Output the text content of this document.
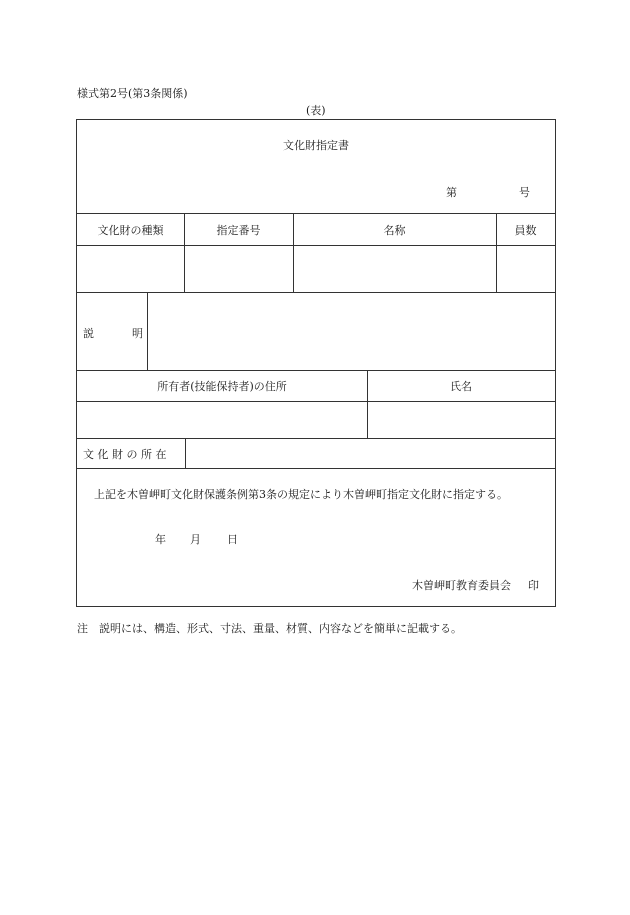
様式第2号(第3条関係)
(表)
文化財指定書
第	号
文化財の種類	指定番号	名称	員数
説	明
所有者(技能保持者)の住所	氏名
文 化 財 の 所 在
上記を木曽岬町文化財保護条例第3条の規定により木曽岬町指定文化財に指定する。
年 月 日
木曽岬町教育委員会 印
注　説明には、構造、形式、寸法、重量、材質、内容などを簡単に記載する。
